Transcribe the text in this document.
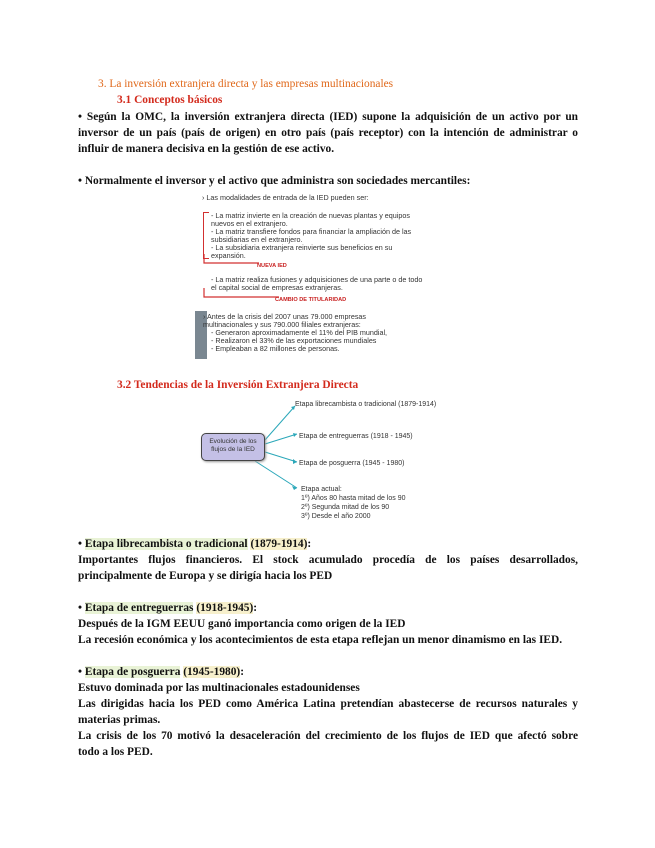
3. La inversión extranjera directa y las empresas multinacionales
3.1 Conceptos básicos
• Según la OMC, la inversión extranjera directa (IED) supone la adquisición de un activo por un
inversor de un país (país de origen) en otro país (país receptor) con la intención de administrar o
influir de manera decisiva en la gestión de ese activo.
• Normalmente el inversor y el activo que administra son sociedades mercantiles:
› Las modalidades de entrada de la IED pueden ser:
- La matriz invierte en la creación de nuevas plantas y equipos
nuevos en el extranjero.
- La matriz transfiere fondos para financiar la ampliación de las
subsidiarias en el extranjero.
- La subsidiaria extranjera reinvierte sus beneficios en su
expansión.
NUEVA IED
- La matriz realiza fusiones y adquisiciones de una parte o de todo
el capital social de empresas extranjeras.
CAMBIO DE TITULARIDAD
› Antes de la crisis del 2007 unas 79.000 empresas
multinacionales y sus 790.000 filiales extranjeras:
- Generaron aproximadamente el 11% del PIB mundial,
- Realizaron el 33% de las exportaciones mundiales
- Empleaban a 82 millones de personas.
3.2 Tendencias de la Inversión Extranjera Directa
Evolución de los
flujos de la IED
Etapa librecambista o tradicional (1879-1914)
Etapa de entreguerras (1918 - 1945)
Etapa de posguerra (1945 - 1980)
Etapa actual:
1º) Años 80 hasta mitad de los 90
2º) Segunda mitad de los 90
3º) Desde el año 2000
• Etapa librecambista o tradicional (1879-1914):
Importantes flujos financieros. El stock acumulado procedía de los países desarrollados,
principalmente de Europa y se dirigía hacia los PED
• Etapa de entreguerras (1918-1945):
Después de la IGM EEUU ganó importancia como origen de la IED
La recesión económica y los acontecimientos de esta etapa reflejan un menor dinamismo en las IED.
• Etapa de posguerra (1945-1980):
Estuvo dominada por las multinacionales estadounidenses
Las dirigidas hacia los PED como América Latina pretendían abastecerse de recursos naturales y
materias primas.
La crisis de los 70 motivó la desaceleración del crecimiento de los flujos de IED que afectó sobre
todo a los PED.
